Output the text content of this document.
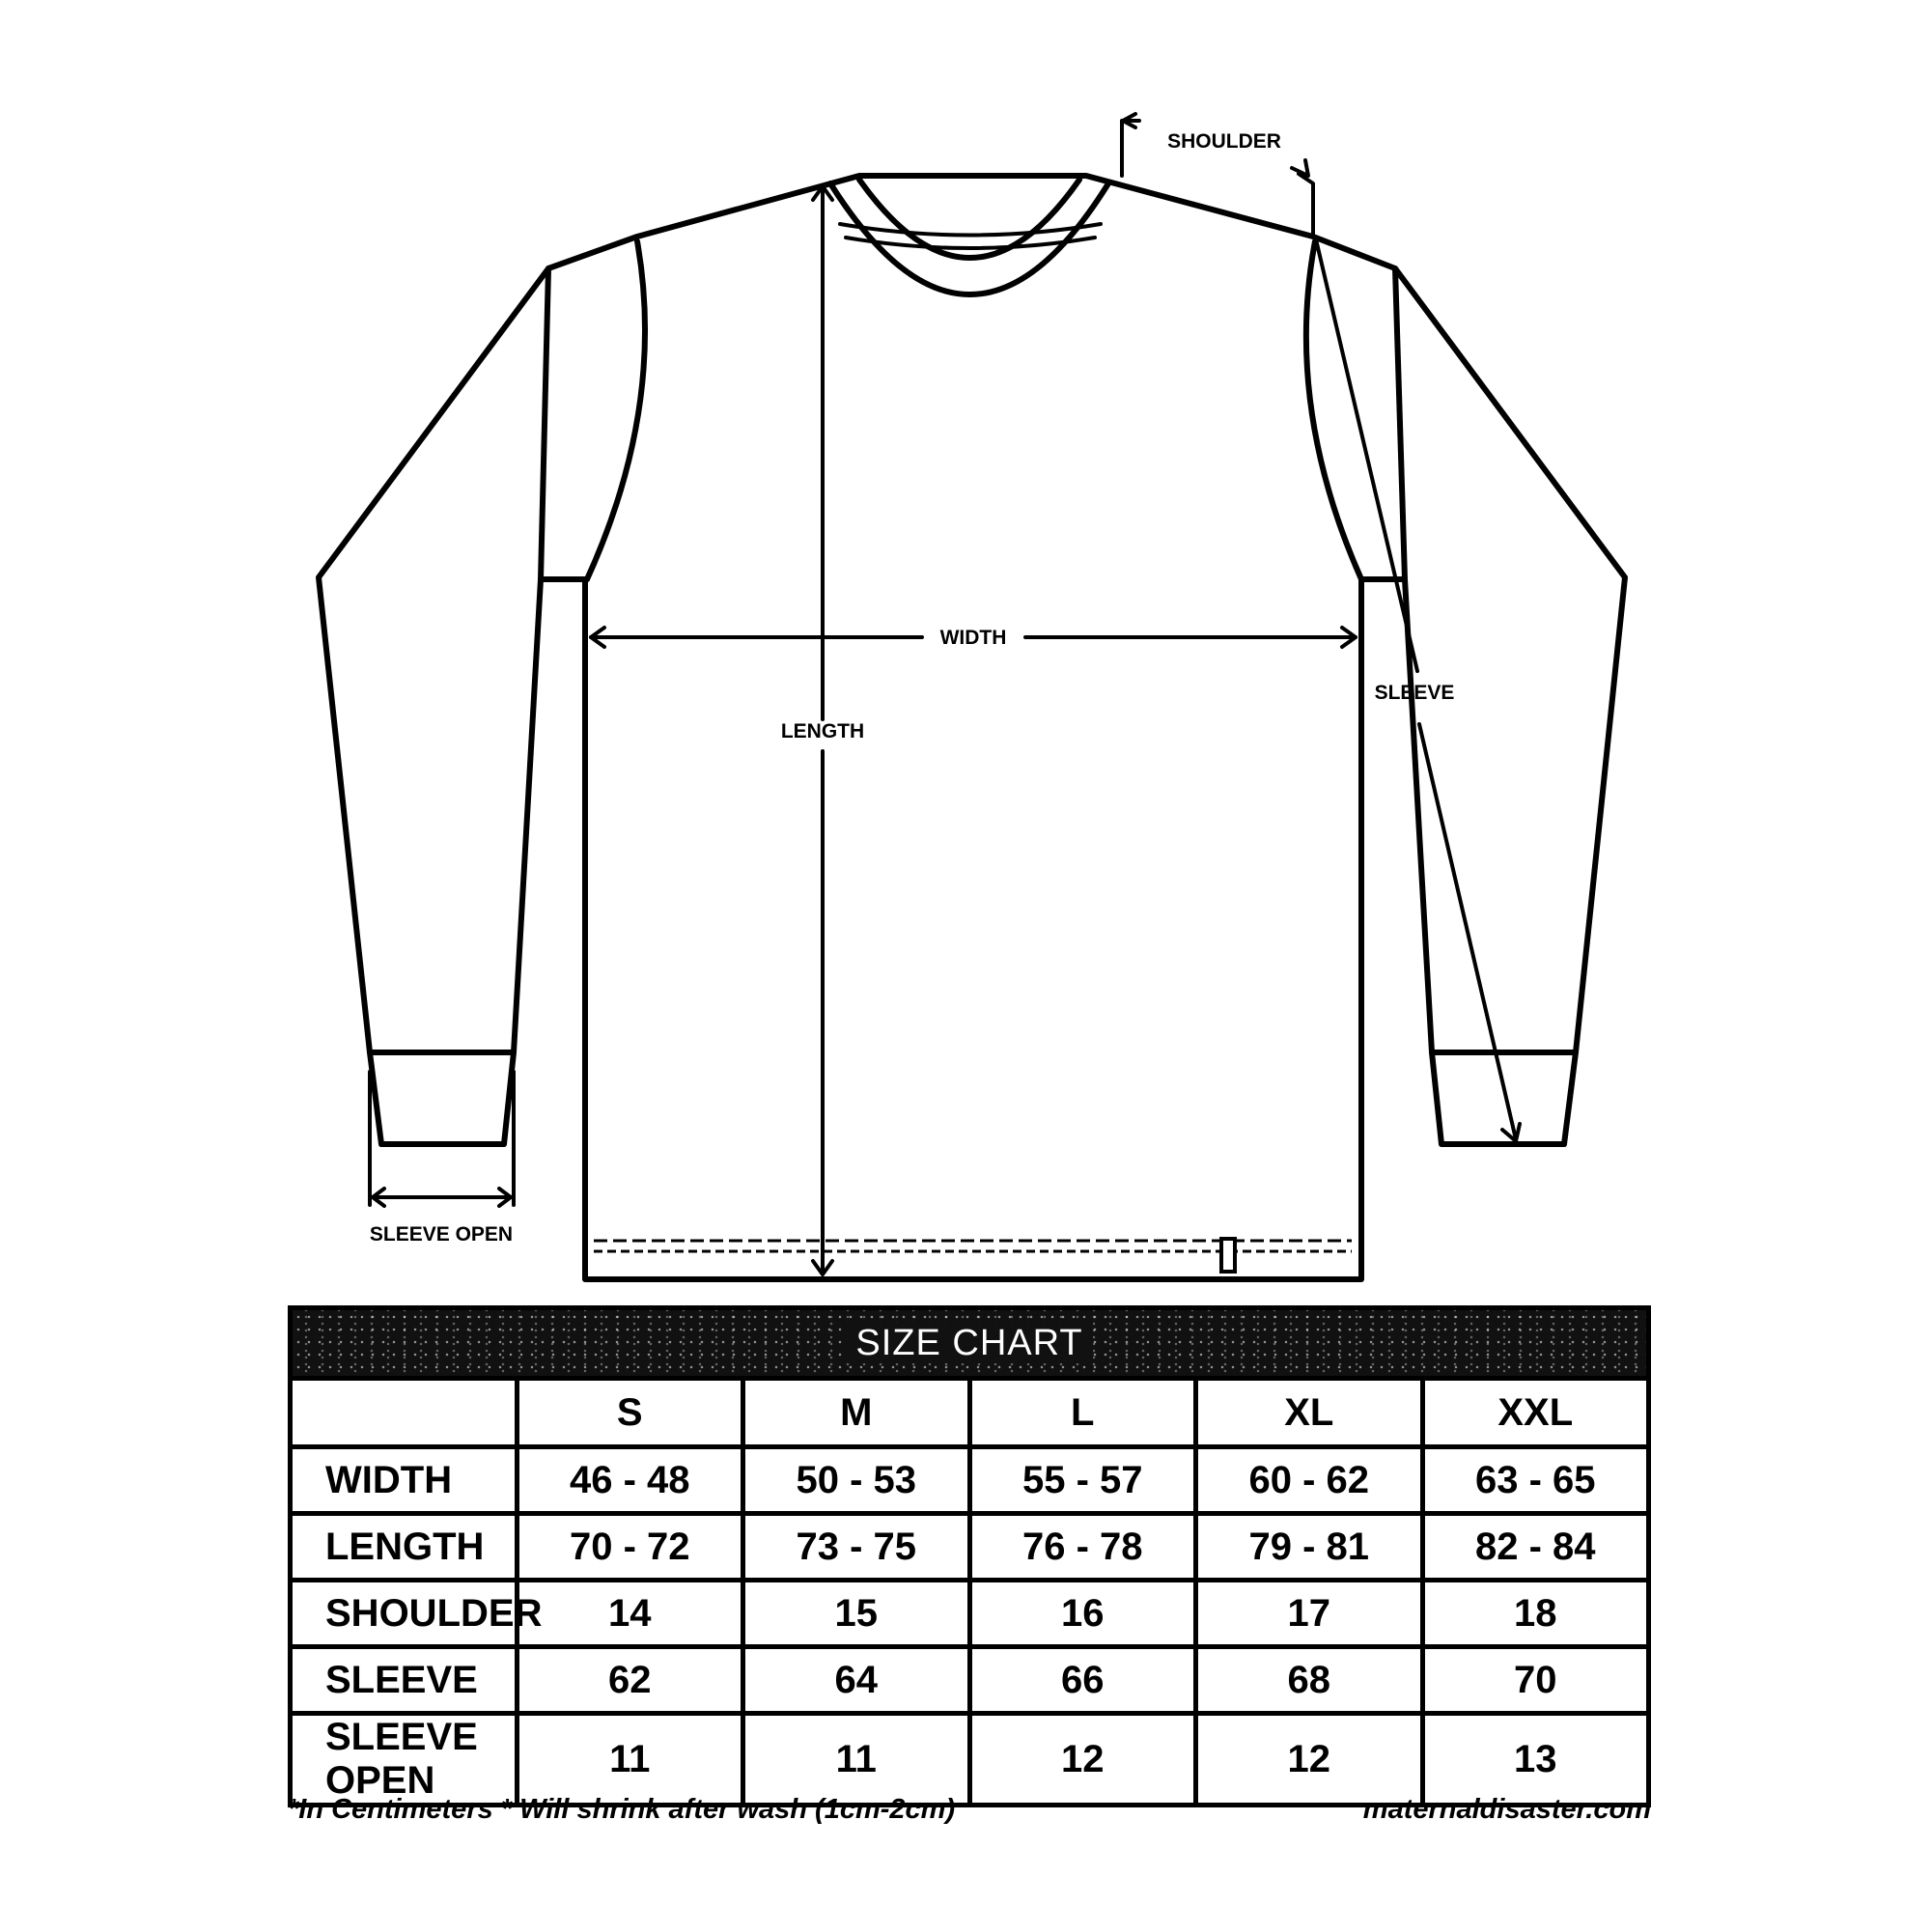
LENGTH
WIDTH
SHOULDER
SLEEVE
SLEEVE OPEN
SIZE CHART					
	S	M	L	XL	XXL
WIDTH	46 - 48	50 - 53	55 - 57	60 - 62	63 - 65
LENGTH	70 - 72	73 - 75	76 - 78	79 - 81	82 - 84
SHOULDER	14	15	16	17	18
SLEEVE	62	64	66	68	70
SLEEVE OPEN	11	11	12	12	13
*In Centimeters * Will shrink after wash (1cm-2cm)	maternaldisaster.com
